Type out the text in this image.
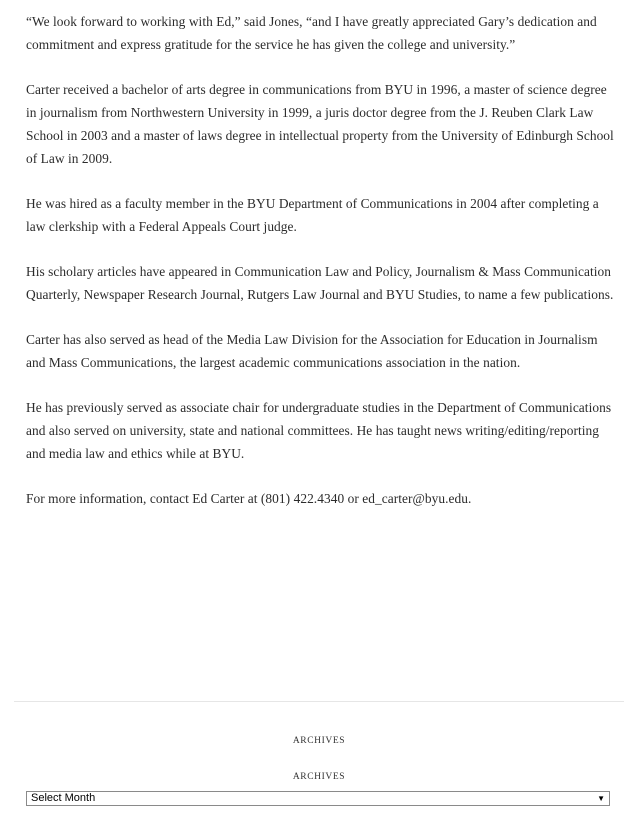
“We look forward to working with Ed,” said Jones, “and I have greatly appreciated Gary’s dedication and commitment and express gratitude for the service he has given the college and university.”

Carter received a bachelor of arts degree in communications from BYU in 1996, a master of science degree in journalism from Northwestern University in 1999, a juris doctor degree from the J. Reuben Clark Law School in 2003 and a master of laws degree in intellectual property from the University of Edinburgh School of Law in 2009.

He was hired as a faculty member in the BYU Department of Communications in 2004 after completing a law clerkship with a Federal Appeals Court judge.

His scholary articles have appeared in Communication Law and Policy, Journalism & Mass Communication Quarterly, Newspaper Research Journal, Rutgers Law Journal and BYU Studies, to name a few publications.

Carter has also served as head of the Media Law Division for the Association for Education in Journalism and Mass Communications, the largest academic communications association in the nation.

He has previously served as associate chair for undergraduate studies in the Department of Communications and also served on university, state and national committees. He has taught news writing/editing/reporting and media law and ethics while at BYU.

For more information, contact Ed Carter at (801) 422.4340 or ed_carter@byu.edu.

ARCHIVES
ARCHIVES
Select Month	▼
